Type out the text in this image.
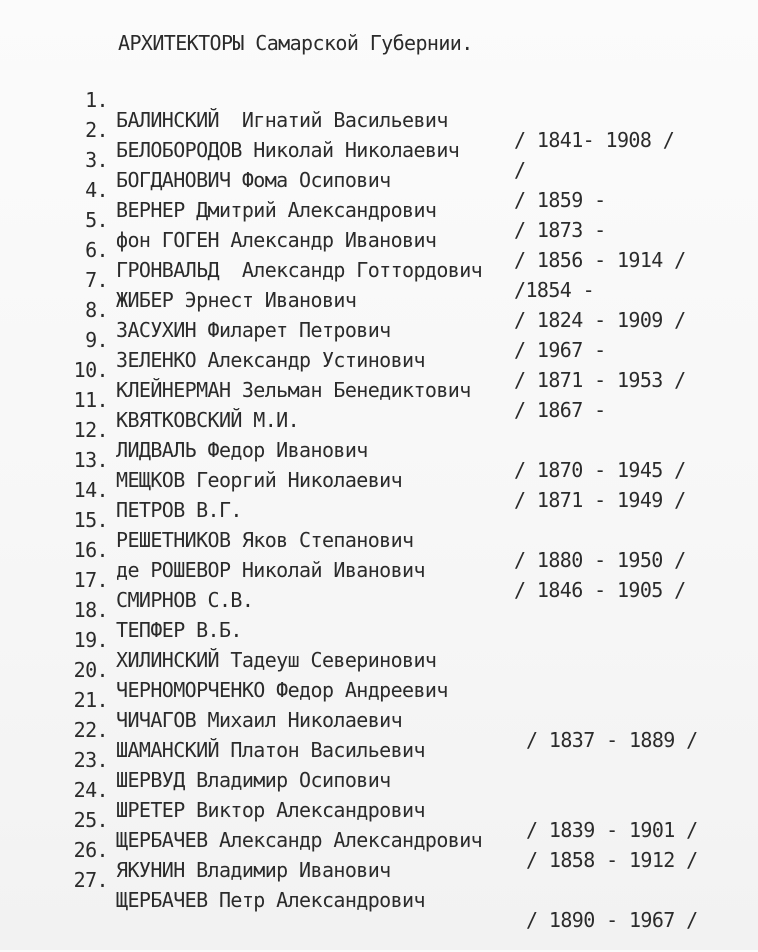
АРХИТЕКТОРЫ Самарской Губернии.

1.

БАЛИНСКИЙ  Игнатий Васильевич

/ 1841- 1908 /

2.

БЕЛОБОРОДОВ Николай Николаевич

/

3.

БОГДАНОВИЧ Фома Осипович

/ 1859 -

4.

ВЕРНЕР Дмитрий Александрович

/ 1873 -

5.

фон ГОГЕН Александр Иванович

/ 1856 - 1914 /

6.

ГРОНВАЛЬД  Александр Готтордович

/1854 -

7.

ЖИБЕР Эрнест Иванович

/ 1824 - 1909 /

8.

ЗАСУХИН Филарет Петрович

/ 1967 -

9.

ЗЕЛЕНКО Александр Устинович

/ 1871 - 1953 /

10.

КЛЕЙНЕРМАН Зельман Бенедиктович

/ 1867 -

11.

КВЯТКОВСКИЙ М.И.

12.

ЛИДВАЛЬ Федор Иванович

/ 1870 - 1945 /

13.

МЕЩКОВ Георгий Николаевич

/ 1871 - 1949 /

14.

ПЕТРОВ В.Г.

15.

РЕШЕТНИКОВ Яков Степанович

/ 1880 - 1950 /

16.

де РОШЕВОР Николай Иванович

/ 1846 - 1905 /

17.

СМИРНОВ С.В.

18.

ТЕПФЕР В.Б.

19.

ХИЛИНСКИЙ Тадеуш Северинович

20.

ЧЕРНОМОРЧЕНКО Федор Андреевич

21.

ЧИЧАГОВ Михаил Николаевич

/ 1837 - 1889 /

22.

ШАМАНСКИЙ Платон Васильевич

23.

ШЕРВУД Владимир Осипович

24.

ШРЕТЕР Виктор Александрович

/ 1839 - 1901 /

25.

ЩЕРБАЧЕВ Александр Александрович

/ 1858 - 1912 /

26.

ЯКУНИН Владимир Иванович

27.

ЩЕРБАЧЕВ Петр Александрович

/ 1890 - 1967 /
